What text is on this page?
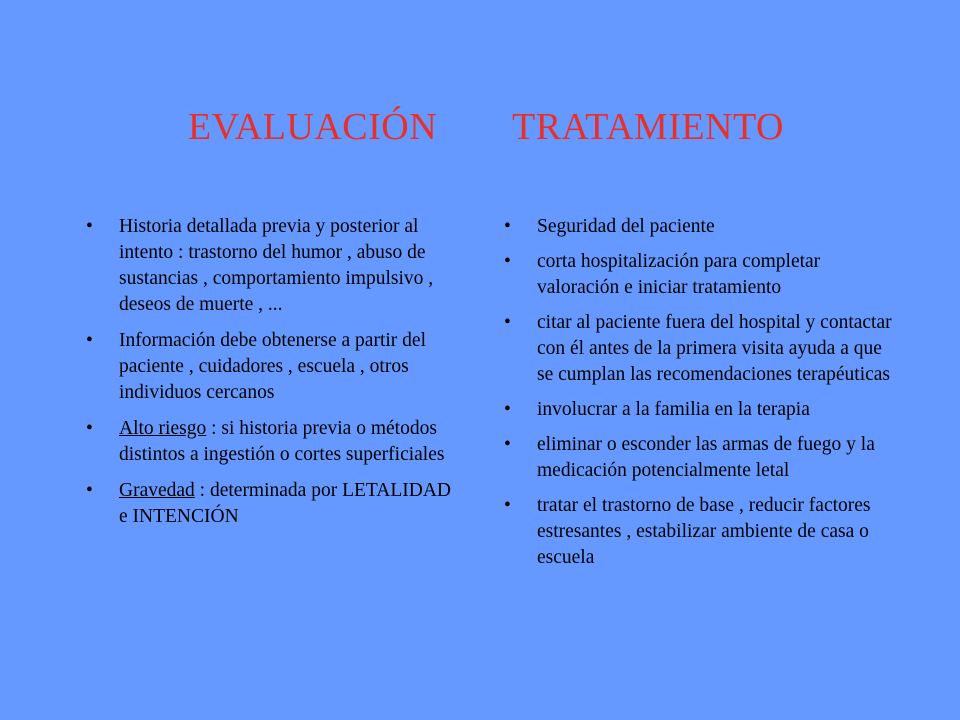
EVALUACIÓN TRATAMIENTO
• Historia detallada previa y posterior al intento : trastorno del humor , abuso de sustancias , comportamiento impulsivo , deseos de muerte , ...
• Información debe obtenerse a partir del paciente , cuidadores , escuela , otros individuos cercanos
• Alto riesgo : si historia previa o métodos distintos a ingestión o cortes superficiales
• Gravedad : determinada por LETALIDAD e INTENCIÓN
• Seguridad del paciente
• corta hospitalización para completar valoración e iniciar tratamiento
• citar al paciente fuera del hospital y contactar con él antes de la primera visita ayuda a que se cumplan las recomendaciones terapéuticas
• involucrar a la familia en la terapia
• eliminar o esconder las armas de fuego y la medicación potencialmente letal
• tratar el trastorno de base , reducir factores estresantes , estabilizar ambiente de casa o escuela
